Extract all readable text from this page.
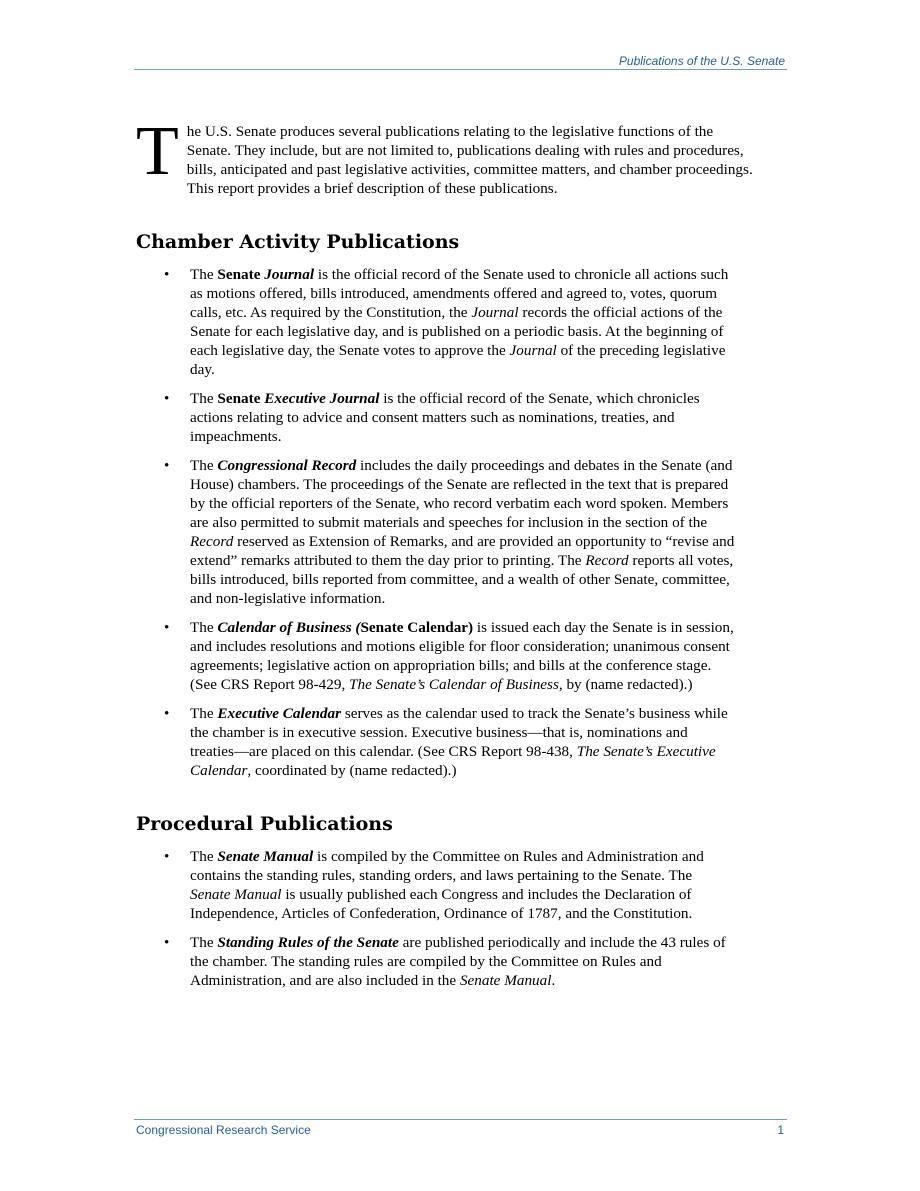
Publications of the U.S. Senate

The U.S. Senate produces several publications relating to the legislative functions of the Senate. They include, but are not limited to, publications dealing with rules and procedures, bills, anticipated and past legislative activities, committee matters, and chamber proceedings. This report provides a brief description of these publications.

Chamber Activity Publications
• The Senate Journal is the official record of the Senate used to chronicle all actions such as motions offered, bills introduced, amendments offered and agreed to, votes, quorum calls, etc. As required by the Constitution, the Journal records the official actions of the Senate for each legislative day, and is published on a periodic basis. At the beginning of each legislative day, the Senate votes to approve the Journal of the preceding legislative day.
• The Senate Executive Journal is the official record of the Senate, which chronicles actions relating to advice and consent matters such as nominations, treaties, and impeachments.
• The Congressional Record includes the daily proceedings and debates in the Senate (and House) chambers. The proceedings of the Senate are reflected in the text that is prepared by the official reporters of the Senate, who record verbatim each word spoken. Members are also permitted to submit materials and speeches for inclusion in the section of the Record reserved as Extension of Remarks, and are provided an opportunity to “revise and extend” remarks attributed to them the day prior to printing. The Record reports all votes, bills introduced, bills reported from committee, and a wealth of other Senate, committee, and non-legislative information.
• The Calendar of Business (Senate Calendar) is issued each day the Senate is in session, and includes resolutions and motions eligible for floor consideration; unanimous consent agreements; legislative action on appropriation bills; and bills at the conference stage. (See CRS Report 98-429, The Senate’s Calendar of Business, by (name redacted).)
• The Executive Calendar serves as the calendar used to track the Senate’s business while the chamber is in executive session. Executive business—that is, nominations and treaties—are placed on this calendar. (See CRS Report 98-438, The Senate’s Executive Calendar, coordinated by (name redacted).)
Procedural Publications
• The Senate Manual is compiled by the Committee on Rules and Administration and contains the standing rules, standing orders, and laws pertaining to the Senate. The Senate Manual is usually published each Congress and includes the Declaration of Independence, Articles of Confederation, Ordinance of 1787, and the Constitution.
• The Standing Rules of the Senate are published periodically and include the 43 rules of the chamber. The standing rules are compiled by the Committee on Rules and Administration, and are also included in the Senate Manual.
Congressional Research Service	1
